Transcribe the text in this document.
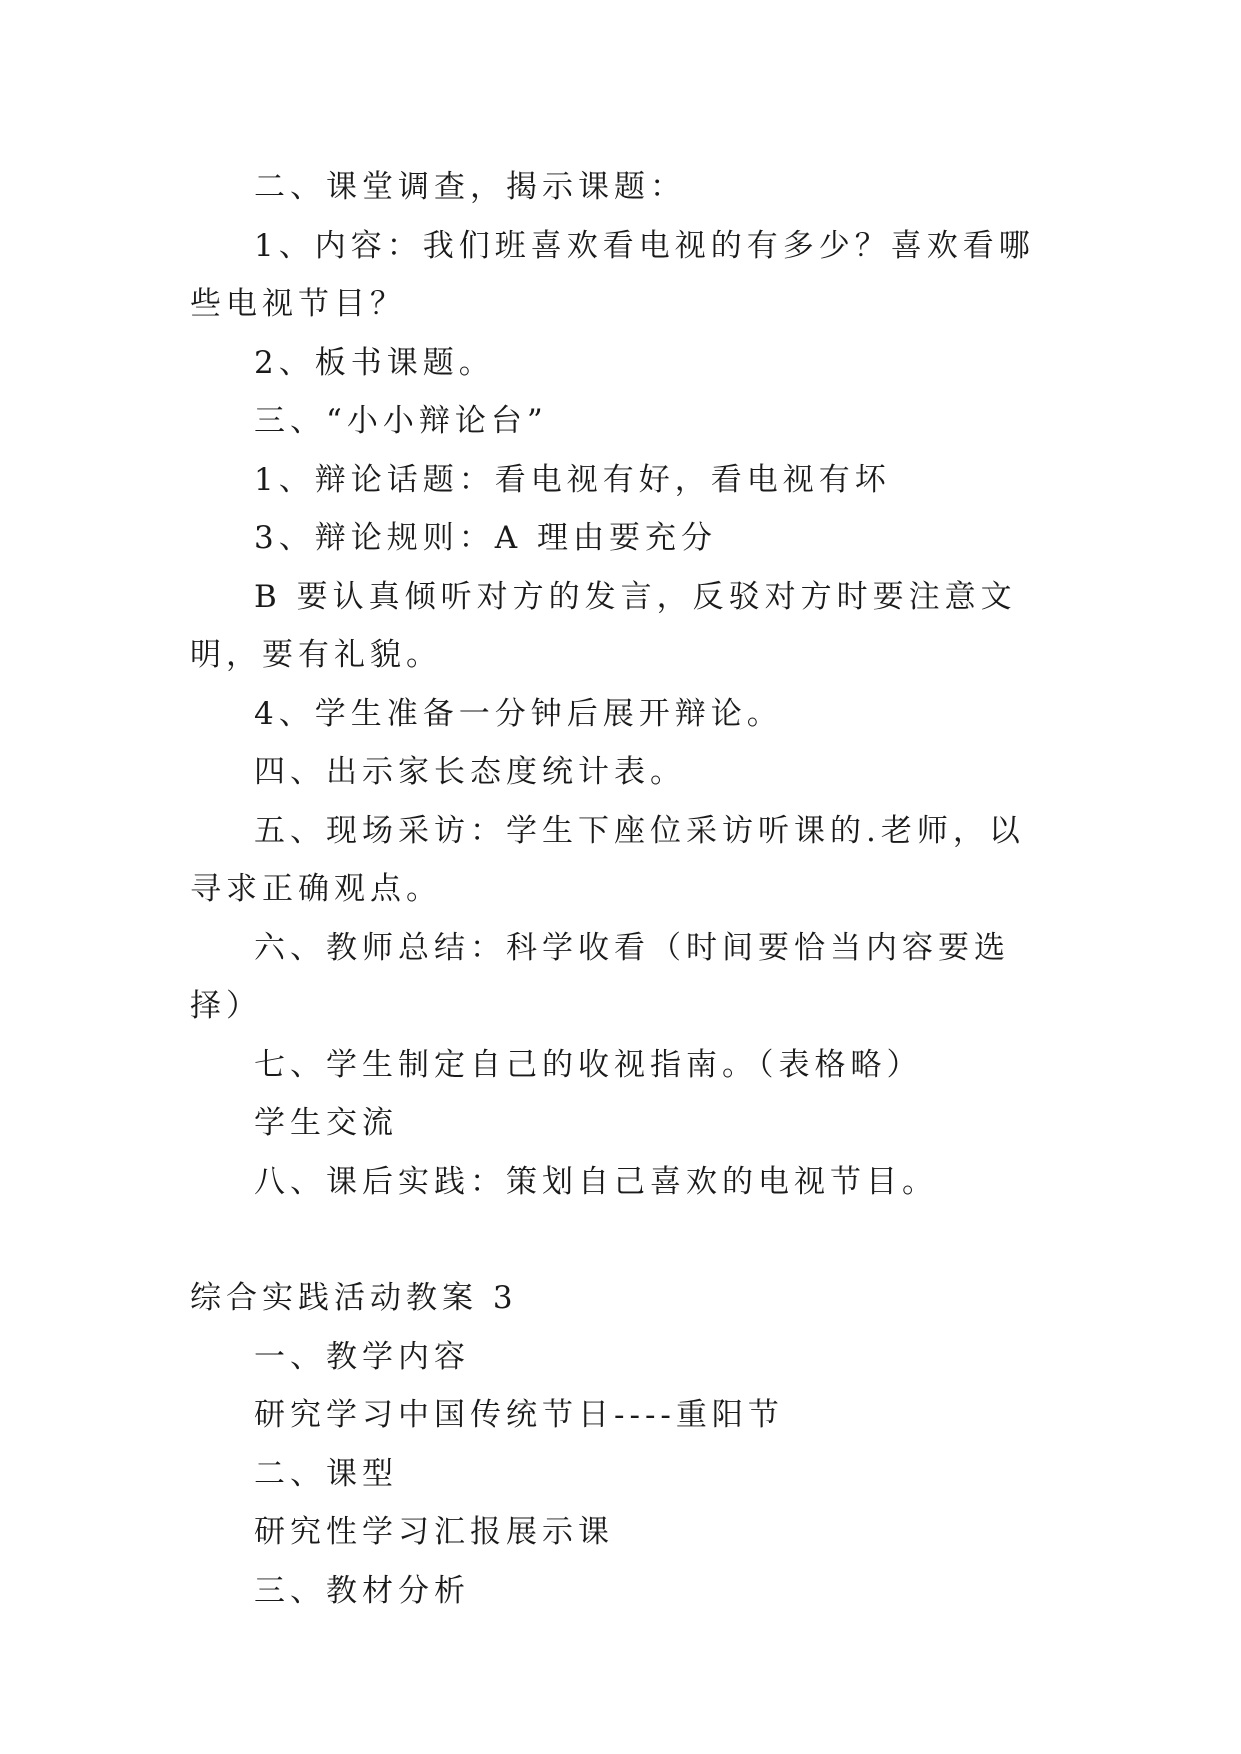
二、课堂调查，揭示课题：

1、内容：我们班喜欢看电视的有多少？喜欢看哪些电视节目？

2、板书课题。

三、“小小辩论台”

1、辩论话题：看电视有好，看电视有坏

3、辩论规则：A 理由要充分

B 要认真倾听对方的发言，反驳对方时要注意文明，要有礼貌。

4、学生准备一分钟后展开辩论。

四、出示家长态度统计表。

五、现场采访：学生下座位采访听课的.老师，以寻求正确观点。

六、教师总结：科学收看（时间要恰当内容要选择）

七、学生制定自己的收视指南。（表格略）

学生交流

八、课后实践：策划自己喜欢的电视节目。

综合实践活动教案 3

一、教学内容

研究学习中国传统节日----重阳节

二、课型

研究性学习汇报展示课

三、教材分析
